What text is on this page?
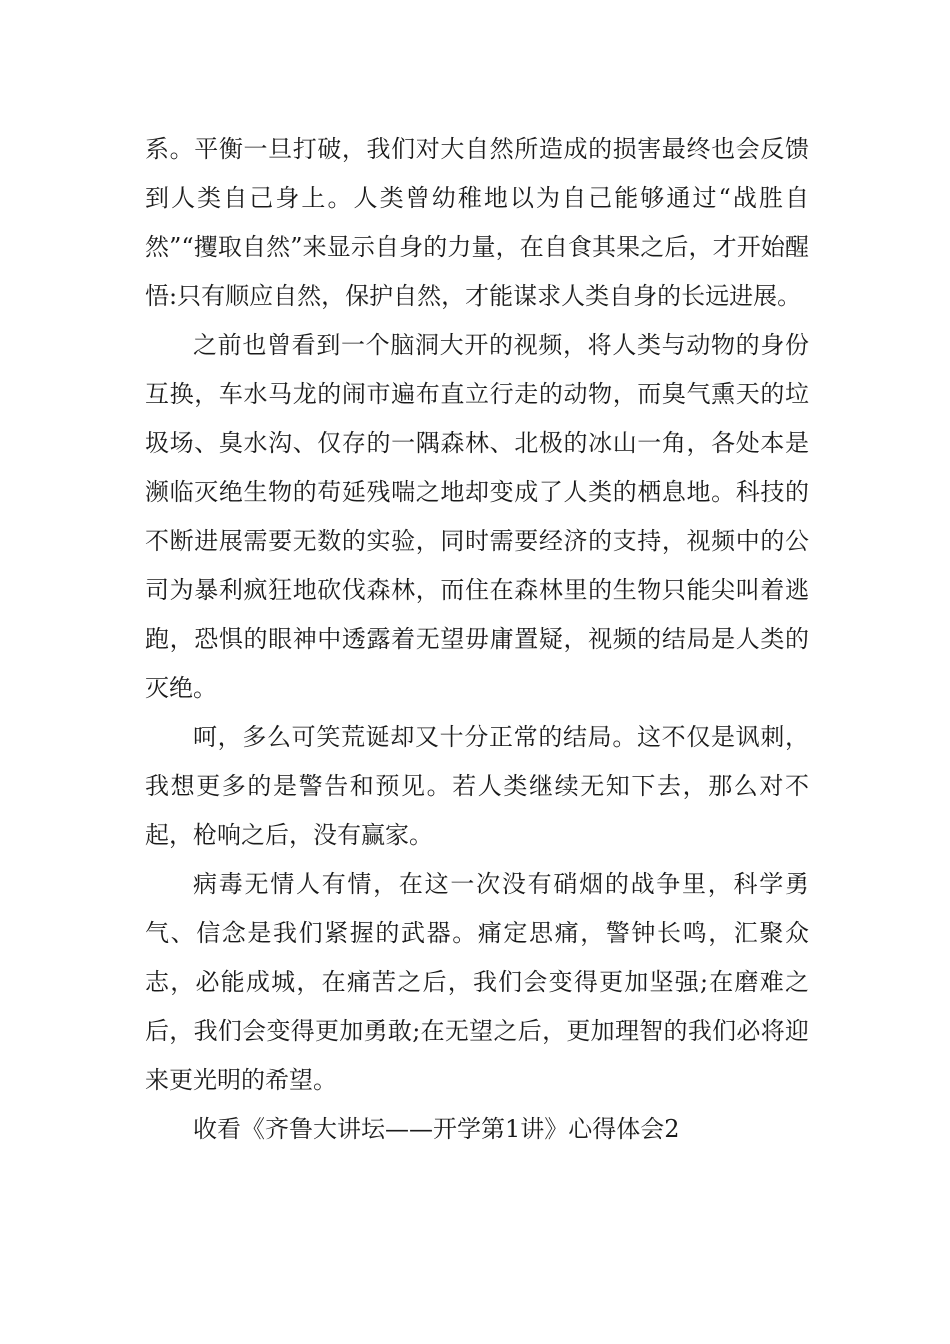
系。平衡一旦打破，我们对大自然所造成的损害最终也会反馈到人类自己身上。人类曾幼稚地以为自己能够通过“战胜自然”“攫取自然”来显示自身的力量，在自食其果之后，才开始醒悟:只有顺应自然，保护自然，才能谋求人类自身的长远进展。

之前也曾看到一个脑洞大开的视频，将人类与动物的身份互换，车水马龙的闹市遍布直立行走的动物，而臭气熏天的垃圾场、臭水沟、仅存的一隅森林、北极的冰山一角，各处本是濒临灭绝生物的苟延残喘之地却变成了人类的栖息地。科技的不断进展需要无数的实验，同时需要经济的支持，视频中的公司为暴利疯狂地砍伐森林，而住在森林里的生物只能尖叫着逃跑，恐惧的眼神中透露着无望毋庸置疑，视频的结局是人类的灭绝。

呵，多么可笑荒诞却又十分正常的结局。这不仅是讽刺，我想更多的是警告和预见。若人类继续无知下去，那么对不起，枪响之后，没有赢家。

病毒无情人有情，在这一次没有硝烟的战争里，科学勇气、信念是我们紧握的武器。痛定思痛，警钟长鸣，汇聚众志，必能成城，在痛苦之后，我们会变得更加坚强;在磨难之后，我们会变得更加勇敢;在无望之后，更加理智的我们必将迎来更光明的希望。

收看《齐鲁大讲坛——开学第1讲》心得体会2
